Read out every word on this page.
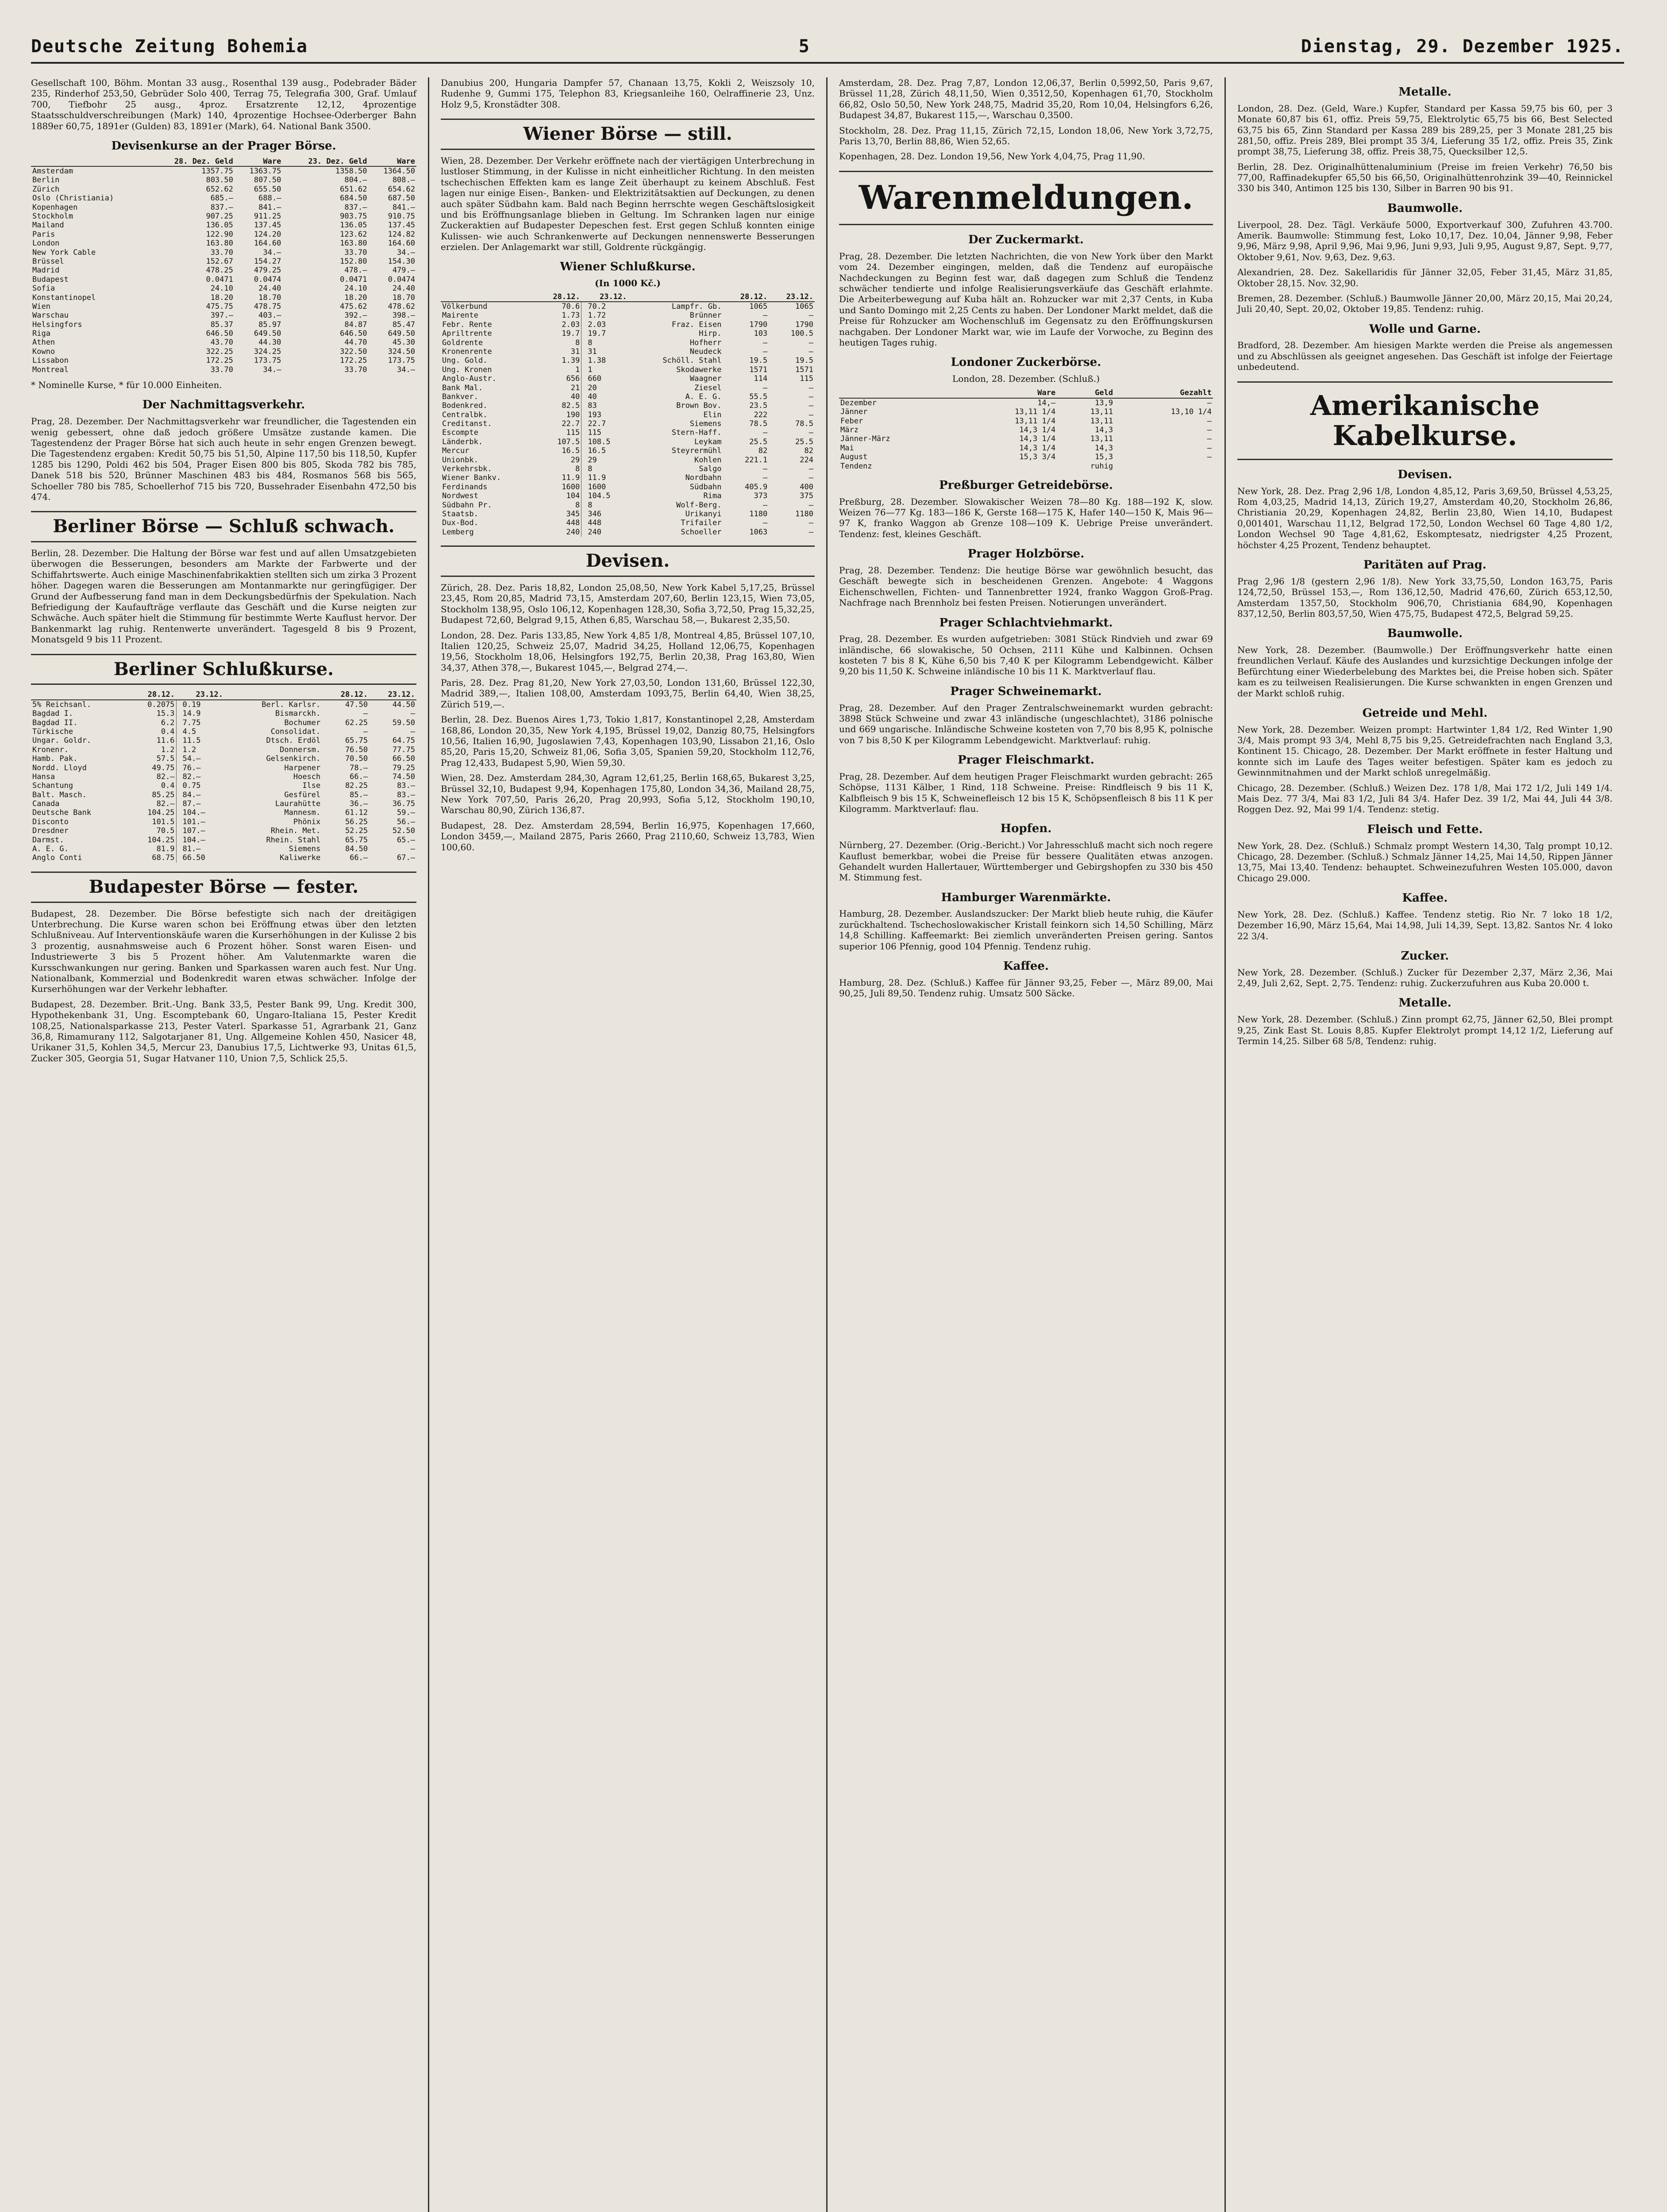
Deutsche Zeitung Bohemia	5	Dienstag, 29. Dezember 1925.

Gesellschaft 100, Böhm. Montan 33 ausg., Rosenthal 139 ausg., Podebrader Bäder 235, Rinderhof 253,50, Gebrüder Solo 400, Terrag 75, Telegrafia 300, Graf. Umlauf 700, Tiefbohr 25 ausg., 4proz. Ersatzrente 12,12, 4prozentige Staatsschuldverschreibungen (Mark) 140, 4prozentige Hochsee-Oderberger Bahn 1889er 60,75, 1891er (Gulden) 83, 1891er (Mark), 64. National Bank 3500.

Devisenkurse an der Prager Börse.
	28. Dez. Geld	Ware	23. Dez. Geld	Ware
Amsterdam	1357.75	1363.75	1358.50	1364.50
Berlin	803.50	807.50	804.—	808.—
Zürich	652.62	655.50	651.62	654.62
Oslo (Christiania)	685.—	688.—	684.50	687.50
Kopenhagen	837.—	841.—	837.—	841.—
Stockholm	907.25	911.25	903.75	910.75
Mailand	136.05	137.45	136.05	137.45
Paris	122.90	124.20	123.62	124.82
London	163.80	164.60	163.80	164.60
New York Cable	33.70	34.—	33.70	34.—
Brüssel	152.67	154.27	152.80	154.30
Madrid	478.25	479.25	478.—	479.—
Budapest	0.0471	0.0474	0.0471	0.0474
Sofia	24.10	24.40	24.10	24.40
Konstantinopel	18.20	18.70	18.20	18.70
Wien	475.75	478.75	475.62	478.62
Warschau	397.—	403.—	392.—	398.—
Helsingfors	85.37	85.97	84.87	85.47
Riga	646.50	649.50	646.50	649.50
Athen	43.70	44.30	44.70	45.30
Kowno	322.25	324.25	322.50	324.50
Lissabon	172.25	173.75	172.25	173.75
Montreal	33.70	34.—	33.70	34.—

* Nominelle Kurse, * für 10.000 Einheiten.

Der Nachmittagsverkehr.

Prag, 28. Dezember. Der Nachmittagsverkehr war freundlicher, die Tagestenden ein wenig gebessert, ohne daß jedoch größere Umsätze zustande kamen. Die Tagestendenz der Prager Börse hat sich auch heute in sehr engen Grenzen bewegt. Die Tagestendenz ergaben: Kredit 50,75 bis 51,50, Alpine 117,50 bis 118,50, Kupfer 1285 bis 1290, Poldi 462 bis 504, Prager Eisen 800 bis 805, Skoda 782 bis 785, Danek 518 bis 520, Brünner Maschinen 483 bis 484, Rosmanos 568 bis 565, Schoeller 780 bis 785, Schoellerhof 715 bis 720, Bussehrader Eisenbahn 472,50 bis 474.

Berliner Börse — Schluß schwach.

Berlin, 28. Dezember. Die Haltung der Börse war fest und auf allen Umsatzgebieten überwogen die Besserungen, besonders am Markte der Farbwerte und der Schiffahrtswerte. Auch einige Maschinenfabrikaktien stellten sich um zirka 3 Prozent höher. Dagegen waren die Besserungen am Montanmarkte nur geringfügiger. Der Grund der Aufbesserung fand man in dem Deckungsbedürfnis der Spekulation. Nach Befriedigung der Kaufaufträge verflaute das Geschäft und die Kurse neigten zur Schwäche. Auch später hielt die Stimmung für bestimmte Werte Kauflust hervor. Der Bankenmarkt lag ruhig. Rentenwerte unverändert. Tagesgeld 8 bis 9 Prozent, Monatsgeld 9 bis 11 Prozent.

Berliner Schlußkurse.
	28.12.	23.12.		28.12.	23.12.
5% Reichsanl.	0.2075	0.19	Berl. Karlsr.	47.50	44.50
Bagdad I.	15.3	14.9	Bismarckh.	—	—
Bagdad II.	6.2	7.75	Bochumer	62.25	59.50
Türkische	0.4	4.5	Consolidat.	—	—
Ungar. Goldr.	11.6	11.5	Dtsch. Erdöl	65.75	64.75
Kronenr.	1.2	1.2	Donnersm.	76.50	77.75
Hamb. Pak.	57.5	54.—	Gelsenkirch.	70.50	66.50
Nordd. Lloyd	49.75	76.—	Harpener	78.—	79.25
Hansa	82.—	82.—	Hoesch	66.—	74.50
Schantung	0.4	0.75	Ilse	82.25	83.—
Balt. Masch.	85.25	84.—	Gesfürel	85.—	83.—
Canada	82.—	87.—	Laurahütte	36.—	36.75
Deutsche Bank	104.25	104.—	Mannesm.	61.12	59.—
Disconto	101.5	101.—	Phönix	56.25	56.—
Dresdner	70.5	107.—	Rhein. Met.	52.25	52.50
Darmst.	104.25	104.—	Rhein. Stahl	65.75	65.—
A. E. G.	81.9	81.—	Siemens	84.50	—
Anglo Conti	68.75	66.50	Kaliwerke	66.—	67.—
Budapester Börse — fester.

Budapest, 28. Dezember. Die Börse befestigte sich nach der dreitägigen Unterbrechung. Die Kurse waren schon bei Eröffnung etwas über den letzten Schlußniveau. Auf Interventionskäufe waren die Kurserhöhungen in der Kulisse 2 bis 3 prozentig, ausnahmsweise auch 6 Prozent höher. Sonst waren Eisen- und Industriewerte 3 bis 5 Prozent höher. Am Valutenmarkte waren die Kursschwankungen nur gering. Banken und Sparkassen waren auch fest. Nur Ung. Nationalbank, Kommerzial und Bodenkredit waren etwas schwächer. Infolge der Kurserhöhungen war der Verkehr lebhafter.

Budapest, 28. Dezember. Brit.-Ung. Bank 33,5, Pester Bank 99, Ung. Kredit 300, Hypothekenbank 31, Ung. Escomptebank 60, Ungaro-Italiana 15, Pester Kredit 108,25, Nationalsparkasse 213, Pester Vaterl. Sparkasse 51, Agrarbank 21, Ganz 36,8, Rimamurany 112, Salgotarjaner 81, Ung. Allgemeine Kohlen 450, Nasicer 48, Urikaner 31,5, Kohlen 34,5, Mercur 23, Danubius 17,5, Lichtwerke 93, Unitas 61,5, Zucker 305, Georgia 51, Sugar Hatvaner 110, Union 7,5, Schlick 25,5.

Danubius 200, Hungaria Dampfer 57, Chanaan 13,75, Kokli 2, Weiszsoly 10, Rudenhe 9, Gummi 175, Telephon 83, Kriegsanleihe 160, Oelraffinerie 23, Unz. Holz 9,5, Kronstädter 308.

Wiener Börse — still.

Wien, 28. Dezember. Der Verkehr eröffnete nach der viertägigen Unterbrechung in lustloser Stimmung, in der Kulisse in nicht einheitlicher Richtung. In den meisten tschechischen Effekten kam es lange Zeit überhaupt zu keinem Abschluß. Fest lagen nur einige Eisen-, Banken- und Elektrizitätsaktien auf Deckungen, zu denen auch später Südbahn kam. Bald nach Beginn herrschte wegen Geschäftslosigkeit und bis Eröffnungsanlage blieben in Geltung. Im Schranken lagen nur einige Zuckeraktien auf Budapester Depeschen fest. Erst gegen Schluß konnten einige Kulissen- wie auch Schrankenwerte auf Deckungen nennenswerte Besserungen erzielen. Der Anlagemarkt war still, Goldrente rückgängig.

Wiener Schlußkurse.
(In 1000 Kč.)
	28.12.	23.12.		28.12.	23.12.
Völkerbund	70.6	70.2	Lampfr. Gb.	1065	1065
Mairente	1.73	1.72	Brünner	—	—
Febr. Rente	2.03	2.03	Fraz. Eisen	1790	1790
Apriltrente	19.7	19.7	Hirp.	103	100.5
Goldrente	8	8	Hofherr	—	—
Kronenrente	31	31	Neudeck	—	—
Ung. Gold.	1.39	1.38	Schöll. Stahl	19.5	19.5
Ung. Kronen	1	1	Skodawerke	1571	1571
Anglo-Austr.	656	660	Waagner	114	115
Bank Mal.	21	20	Ziesel	—	—
Bankver.	40	40	A. E. G.	55.5	—
Bodenkred.	82.5	83	Brown Bov.	23.5	—
Centralbk.	190	193	Elin	222	—
Creditanst.	22.7	22.7	Siemens	78.5	78.5
Escompte	115	115	Stern-Haff.	—	—
Länderbk.	107.5	108.5	Leykam	25.5	25.5
Mercur	16.5	16.5	Steyrermühl	82	82
Unionbk.	29	29	Kohlen	221.1	224
Verkehrsbk.	8	8	Salgo	—	—
Wiener Bankv.	11.9	11.9	Nordbahn	—	—
Ferdinands	1600	1600	Südbahn	405.9	400
Nordwest	104	104.5	Rima	373	375
Südbahn Pr.	8	8	Wolf-Berg.	—	—
Staatsb.	345	346	Urikanyi	1180	1180
Dux-Bod.	448	448	Trifailer	—	—
Lemberg	240	240	Schoeller	1063	—
Devisen.

Zürich, 28. Dez. Paris 18,82, London 25,08,50, New York Kabel 5,17,25, Brüssel 23,45, Rom 20,85, Madrid 73,15, Amsterdam 207,60, Berlin 123,15, Wien 73,05, Stockholm 138,95, Oslo 106,12, Kopenhagen 128,30, Sofia 3,72,50, Prag 15,32,25, Budapest 72,60, Belgrad 9,15, Athen 6,85, Warschau 58,—, Bukarest 2,35,50.

London, 28. Dez. Paris 133,85, New York 4,85 1/8, Montreal 4,85, Brüssel 107,10, Italien 120,25, Schweiz 25,07, Madrid 34,25, Holland 12,06,75, Kopenhagen 19,56, Stockholm 18,06, Helsingfors 192,75, Berlin 20,38, Prag 163,80, Wien 34,37, Athen 378,—, Bukarest 1045,—, Belgrad 274,—.

Paris, 28. Dez. Prag 81,20, New York 27,03,50, London 131,60, Brüssel 122,30, Madrid 389,—, Italien 108,00, Amsterdam 1093,75, Berlin 64,40, Wien 38,25, Zürich 519,—.

Berlin, 28. Dez. Buenos Aires 1,73, Tokio 1,817, Konstantinopel 2,28, Amsterdam 168,86, London 20,35, New York 4,195, Brüssel 19,02, Danzig 80,75, Helsingfors 10,56, Italien 16,90, Jugoslawien 7,43, Kopenhagen 103,90, Lissabon 21,16, Oslo 85,20, Paris 15,20, Schweiz 81,06, Sofia 3,05, Spanien 59,20, Stockholm 112,76, Prag 12,433, Budapest 5,90, Wien 59,30.

Wien, 28. Dez. Amsterdam 284,30, Agram 12,61,25, Berlin 168,65, Bukarest 3,25, Brüssel 32,10, Budapest 9,94, Kopenhagen 175,80, London 34,36, Mailand 28,75, New York 707,50, Paris 26,20, Prag 20,993, Sofia 5,12, Stockholm 190,10, Warschau 80,90, Zürich 136,87.

Budapest, 28. Dez. Amsterdam 28,594, Berlin 16,975, Kopenhagen 17,660, London 3459,—, Mailand 2875, Paris 2660, Prag 2110,60, Schweiz 13,783, Wien 100,60.

Amsterdam, 28. Dez. Prag 7,87, London 12,06,37, Berlin 0,5992,50, Paris 9,67, Brüssel 11,28, Zürich 48,11,50, Wien 0,3512,50, Kopenhagen 61,70, Stockholm 66,82, Oslo 50,50, New York 248,75, Madrid 35,20, Rom 10,04, Helsingfors 6,26, Budapest 34,87, Bukarest 115,—, Warschau 0,3500.

Stockholm, 28. Dez. Prag 11,15, Zürich 72,15, London 18,06, New York 3,72,75, Paris 13,70, Berlin 88,86, Wien 52,65.

Kopenhagen, 28. Dez. London 19,56, New York 4,04,75, Prag 11,90.

Warenmeldungen.
Der Zuckermarkt.

Prag, 28. Dezember. Die letzten Nachrichten, die von New York über den Markt vom 24. Dezember eingingen, melden, daß die Tendenz auf europäische Nachdeckungen zu Beginn fest war, daß dagegen zum Schluß die Tendenz schwächer tendierte und infolge Realisierungsverkäufe das Geschäft erlahmte. Die Arbeiterbewegung auf Kuba hält an. Rohzucker war mit 2,37 Cents, in Kuba und Santo Domingo mit 2,25 Cents zu haben. Der Londoner Markt meldet, daß die Preise für Rohzucker am Wochenschluß im Gegensatz zu den Eröffnungskursen nachgaben. Der Londoner Markt war, wie im Laufe der Vorwoche, zu Beginn des heutigen Tages ruhig.

Londoner Zuckerbörse.

London, 28. Dezember. (Schluß.)

	Ware	Geld	Gezahlt
Dezember	14,—	13,9	—
Jänner	13,11 1/4	13,11	13,10 1/4
Feber	13,11 1/4	13,11	—
März	14,3 1/4	14,3	—
Jänner-März	14,3 1/4	13,11	—
Mai	14,3 1/4	14,3	—
August	15,3 3/4	15,3	—
Tendenz		ruhig	
Preßburger Getreidebörse.

Preßburg, 28. Dezember. Slowakischer Weizen 78—80 Kg. 188—192 K, slow. Weizen 76—77 Kg. 183—186 K, Gerste 168—175 K, Hafer 140—150 K, Mais 96—97 K, franko Waggon ab Grenze 108—109 K. Uebrige Preise unverändert. Tendenz: fest, kleines Geschäft.

Prager Holzbörse.

Prag, 28. Dezember. Tendenz: Die heutige Börse war gewöhnlich besucht, das Geschäft bewegte sich in bescheidenen Grenzen. Angebote: 4 Waggons Eichenschwellen, Fichten- und Tannenbretter 1924, franko Waggon Groß-Prag. Nachfrage nach Brennholz bei festen Preisen. Notierungen unverändert.

Prager Schlachtviehmarkt.

Prag, 28. Dezember. Es wurden aufgetrieben: 3081 Stück Rindvieh und zwar 69 inländische, 66 slowakische, 50 Ochsen, 2111 Kühe und Kalbinnen. Ochsen kosteten 7 bis 8 K, Kühe 6,50 bis 7,40 K per Kilogramm Lebendgewicht. Kälber 9,20 bis 11,50 K. Schweine inländische 10 bis 11 K. Marktverlauf flau.

Prager Schweinemarkt.

Prag, 28. Dezember. Auf den Prager Zentralschweinemarkt wurden gebracht: 3898 Stück Schweine und zwar 43 inländische (ungeschlachtet), 3186 polnische und 669 ungarische. Inländische Schweine kosteten von 7,70 bis 8,95 K, polnische von 7 bis 8,50 K per Kilogramm Lebendgewicht. Marktverlauf: ruhig.

Prager Fleischmarkt.

Prag, 28. Dezember. Auf dem heutigen Prager Fleischmarkt wurden gebracht: 265 Schöpse, 1131 Kälber, 1 Rind, 118 Schweine. Preise: Rindfleisch 9 bis 11 K, Kalbfleisch 9 bis 15 K, Schweinefleisch 12 bis 15 K, Schöpsenfleisch 8 bis 11 K per Kilogramm. Marktverlauf: flau.

Hopfen.

Nürnberg, 27. Dezember. (Orig.-Bericht.) Vor Jahresschluß macht sich noch regere Kauflust bemerkbar, wobei die Preise für bessere Qualitäten etwas anzogen. Gehandelt wurden Hallertauer, Württemberger und Gebirgshopfen zu 330 bis 450 M. Stimmung fest.

Hamburger Warenmärkte.

Hamburg, 28. Dezember. Auslandszucker: Der Markt blieb heute ruhig, die Käufer zurückhaltend. Tschechoslowakischer Kristall feinkorn sich 14,50 Schilling, März 14,8 Schilling. Kaffeemarkt: Bei ziemlich unveränderten Preisen gering. Santos superior 106 Pfennig, good 104 Pfennig. Tendenz ruhig.

Kaffee.

Hamburg, 28. Dez. (Schluß.) Kaffee für Jänner 93,25, Feber —, März 89,00, Mai 90,25, Juli 89,50. Tendenz ruhig. Umsatz 500 Säcke.

Metalle.

London, 28. Dez. (Geld, Ware.) Kupfer, Standard per Kassa 59,75 bis 60, per 3 Monate 60,87 bis 61, offiz. Preis 59,75, Elektrolytic 65,75 bis 66, Best Selected 63,75 bis 65, Zinn Standard per Kassa 289 bis 289,25, per 3 Monate 281,25 bis 281,50, offiz. Preis 289, Blei prompt 35 3/4, Lieferung 35 1/2, offiz. Preis 35, Zink prompt 38,75, Lieferung 38, offiz. Preis 38,75, Quecksilber 12,5.

Berlin, 28. Dez. Originalhüttenaluminium (Preise im freien Verkehr) 76,50 bis 77,00, Raffinadekupfer 65,50 bis 66,50, Originalhüttenrohzink 39—40, Reinnickel 330 bis 340, Antimon 125 bis 130, Silber in Barren 90 bis 91.

Baumwolle.

Liverpool, 28. Dez. Tägl. Verkäufe 5000, Exportverkauf 300, Zufuhren 43.700. Amerik. Baumwolle: Stimmung fest, Loko 10,17, Dez. 10,04, Jänner 9,98, Feber 9,96, März 9,98, April 9,96, Mai 9,96, Juni 9,93, Juli 9,95, August 9,87, Sept. 9,77, Oktober 9,61, Nov. 9,63, Dez. 9,63.

Alexandrien, 28. Dez. Sakellaridis für Jänner 32,05, Feber 31,45, März 31,85, Oktober 28,15. Nov. 32,90.

Bremen, 28. Dezember. (Schluß.) Baumwolle Jänner 20,00, März 20,15, Mai 20,24, Juli 20,40, Sept. 20,02, Oktober 19,85. Tendenz: ruhig.

Wolle und Garne.

Bradford, 28. Dezember. Am hiesigen Markte werden die Preise als angemessen und zu Abschlüssen als geeignet angesehen. Das Geschäft ist infolge der Feiertage unbedeutend.

Amerikanische Kabelkurse.
Devisen.

New York, 28. Dez. Prag 2,96 1/8, London 4,85,12, Paris 3,69,50, Brüssel 4,53,25, Rom 4,03,25, Madrid 14,13, Zürich 19,27, Amsterdam 40,20, Stockholm 26,86, Christiania 20,29, Kopenhagen 24,82, Berlin 23,80, Wien 14,10, Budapest 0,001401, Warschau 11,12, Belgrad 172,50, London Wechsel 60 Tage 4,80 1/2, London Wechsel 90 Tage 4,81,62, Eskomptesatz, niedrigster 4,25 Prozent, höchster 4,25 Prozent, Tendenz behauptet.

Paritäten auf Prag.

Prag 2,96 1/8 (gestern 2,96 1/8). New York 33,75,50, London 163,75, Paris 124,72,50, Brüssel 153,—, Rom 136,12,50, Madrid 476,60, Zürich 653,12,50, Amsterdam 1357,50, Stockholm 906,70, Christiania 684,90, Kopenhagen 837,12,50, Berlin 803,57,50, Wien 475,75, Budapest 472,5, Belgrad 59,25.

Baumwolle.

New York, 28. Dezember. (Baumwolle.) Der Eröffnungsverkehr hatte einen freundlichen Verlauf. Käufe des Auslandes und kurzsichtige Deckungen infolge der Befürchtung einer Wiederbelebung des Marktes bei, die Preise hoben sich. Später kam es zu teilweisen Realisierungen. Die Kurse schwankten in engen Grenzen und der Markt schloß ruhig.

Getreide und Mehl.

New York, 28. Dezember. Weizen prompt: Hartwinter 1,84 1/2, Red Winter 1,90 3/4, Mais prompt 93 3/4, Mehl 8,75 bis 9,25. Getreidefrachten nach England 3,3, Kontinent 15. Chicago, 28. Dezember. Der Markt eröffnete in fester Haltung und konnte sich im Laufe des Tages weiter befestigen. Später kam es jedoch zu Gewinnmitnahmen und der Markt schloß unregelmäßig.

Chicago, 28. Dezember. (Schluß.) Weizen Dez. 178 1/8, Mai 172 1/2, Juli 149 1/4. Mais Dez. 77 3/4, Mai 83 1/2, Juli 84 3/4. Hafer Dez. 39 1/2, Mai 44, Juli 44 3/8. Roggen Dez. 92, Mai 99 1/4. Tendenz: stetig.

Fleisch und Fette.

New York, 28. Dez. (Schluß.) Schmalz prompt Western 14,30, Talg prompt 10,12. Chicago, 28. Dezember. (Schluß.) Schmalz Jänner 14,25, Mai 14,50, Rippen Jänner 13,75, Mai 13,40. Tendenz: behauptet. Schweinezufuhren Westen 105.000, davon Chicago 29.000.

Kaffee.

New York, 28. Dez. (Schluß.) Kaffee. Tendenz stetig. Rio Nr. 7 loko 18 1/2, Dezember 16,90, März 15,64, Mai 14,98, Juli 14,39, Sept. 13,82. Santos Nr. 4 loko 22 3/4.

Zucker.

New York, 28. Dezember. (Schluß.) Zucker für Dezember 2,37, März 2,36, Mai 2,49, Juli 2,62, Sept. 2,75. Tendenz: ruhig. Zuckerzufuhren aus Kuba 20.000 t.

Metalle.

New York, 28. Dezember. (Schluß.) Zinn prompt 62,75, Jänner 62,50, Blei prompt 9,25, Zink East St. Louis 8,85. Kupfer Elektrolyt prompt 14,12 1/2, Lieferung auf Termin 14,25. Silber 68 5/8, Tendenz: ruhig.
